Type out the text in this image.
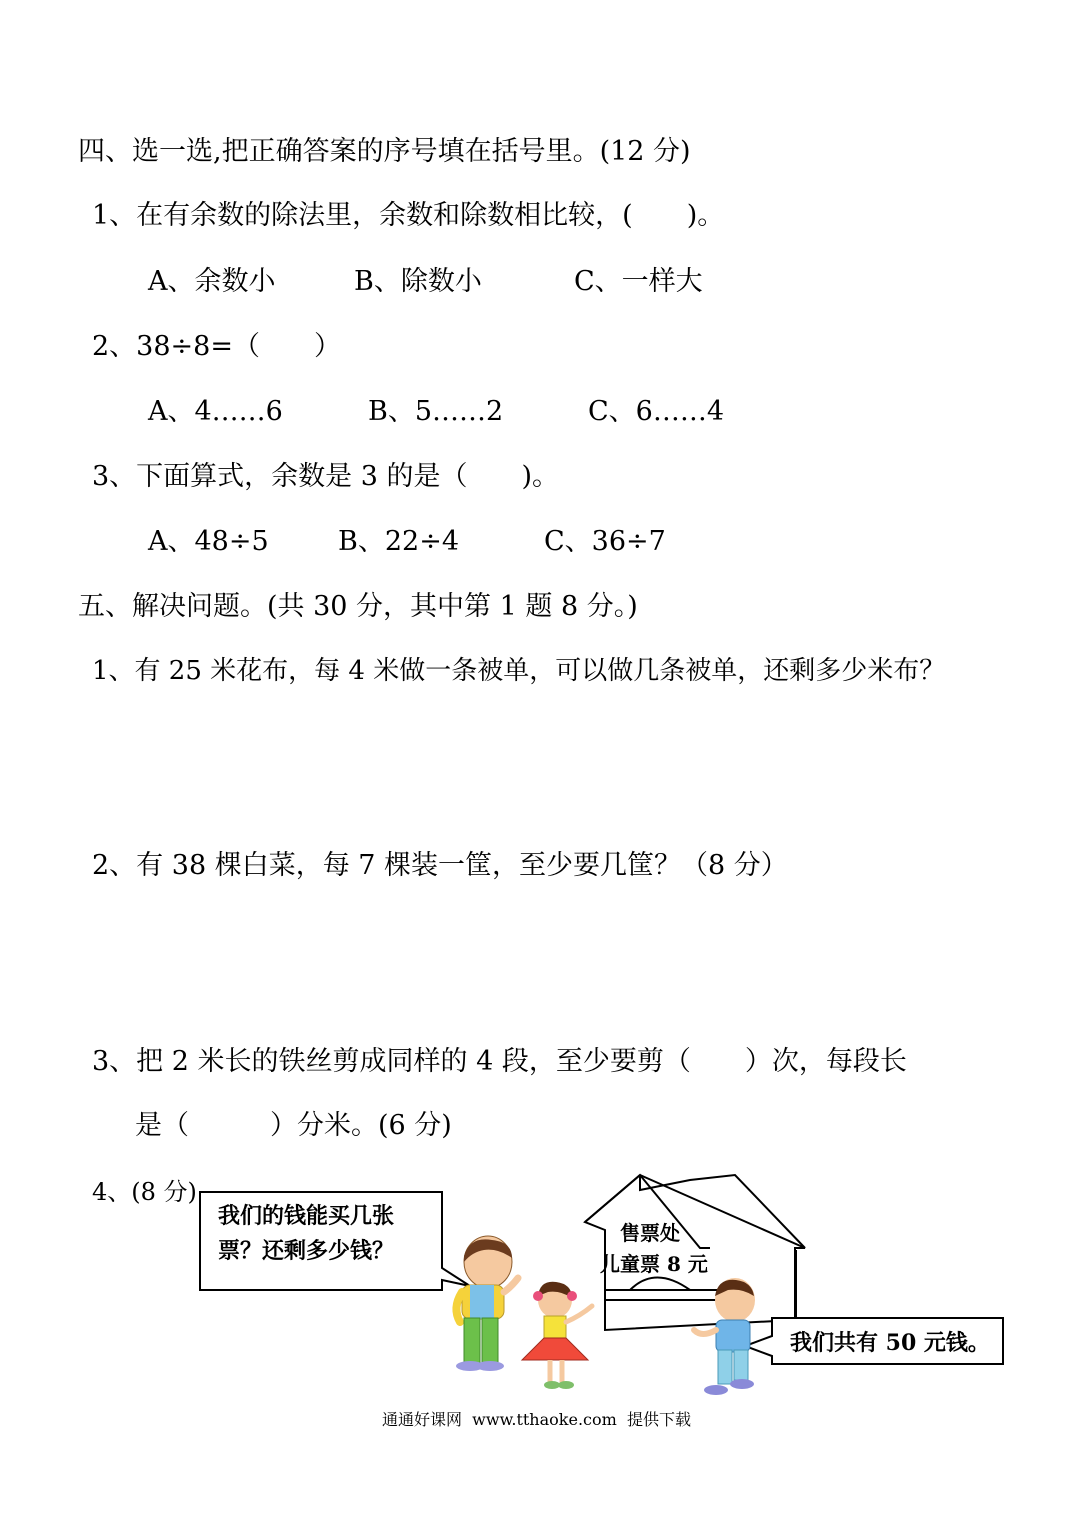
四、选一选,把正确答案的序号填在括号里。(12 分)
1、在有余数的除法里，余数和除数相比较，(　　)。
A、余数小	B、除数小	C、一样大
2、38÷8=（　　）
A、4……6	B、5……2	C、6……4
3、下面算式，余数是 3 的是（　　)。
A、48÷5	B、22÷4	C、36÷7
五、解决问题。(共 30 分，其中第 1 题 8 分。)
1、有 25 米花布，每 4 米做一条被单，可以做几条被单，还剩多少米布？
2、有 38 棵白菜，每 7 棵装一筐，至少要几筐？（8 分）
3、把 2 米长的铁丝剪成同样的 4 段，至少要剪（　　）次，每段长
是（　　　）分米。(6 分)
4、(8 分)
我们的钱能买几张
票？还剩多少钱？
售票处
儿童票 8 元
我们共有 50 元钱。
通通好课网  www.tthaoke.com  提供下载
